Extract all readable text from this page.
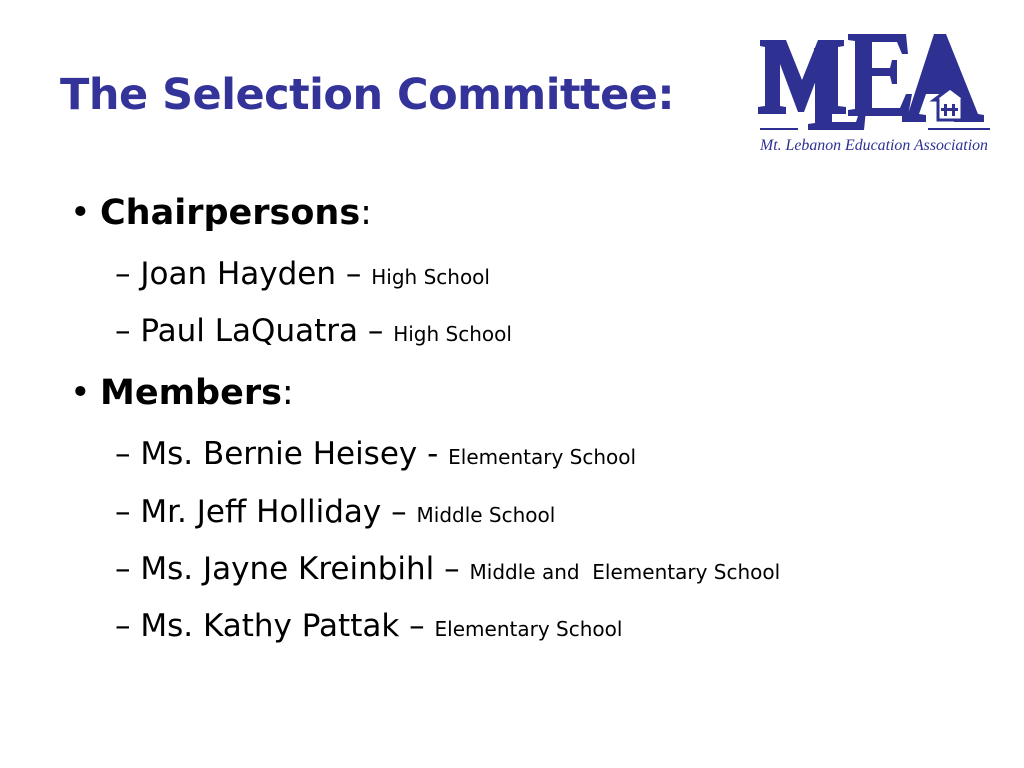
The Selection Committee:
Mt. Lebanon Education Association
• Chairpersons:
– Joan Hayden – High School
– Paul LaQuatra – High School
• Members:
– Ms. Bernie Heisey - Elementary School
– Mr. Jeff Holliday – Middle School
– Ms. Jayne Kreinbihl – Middle and  Elementary School
– Ms. Kathy Pattak – Elementary School
